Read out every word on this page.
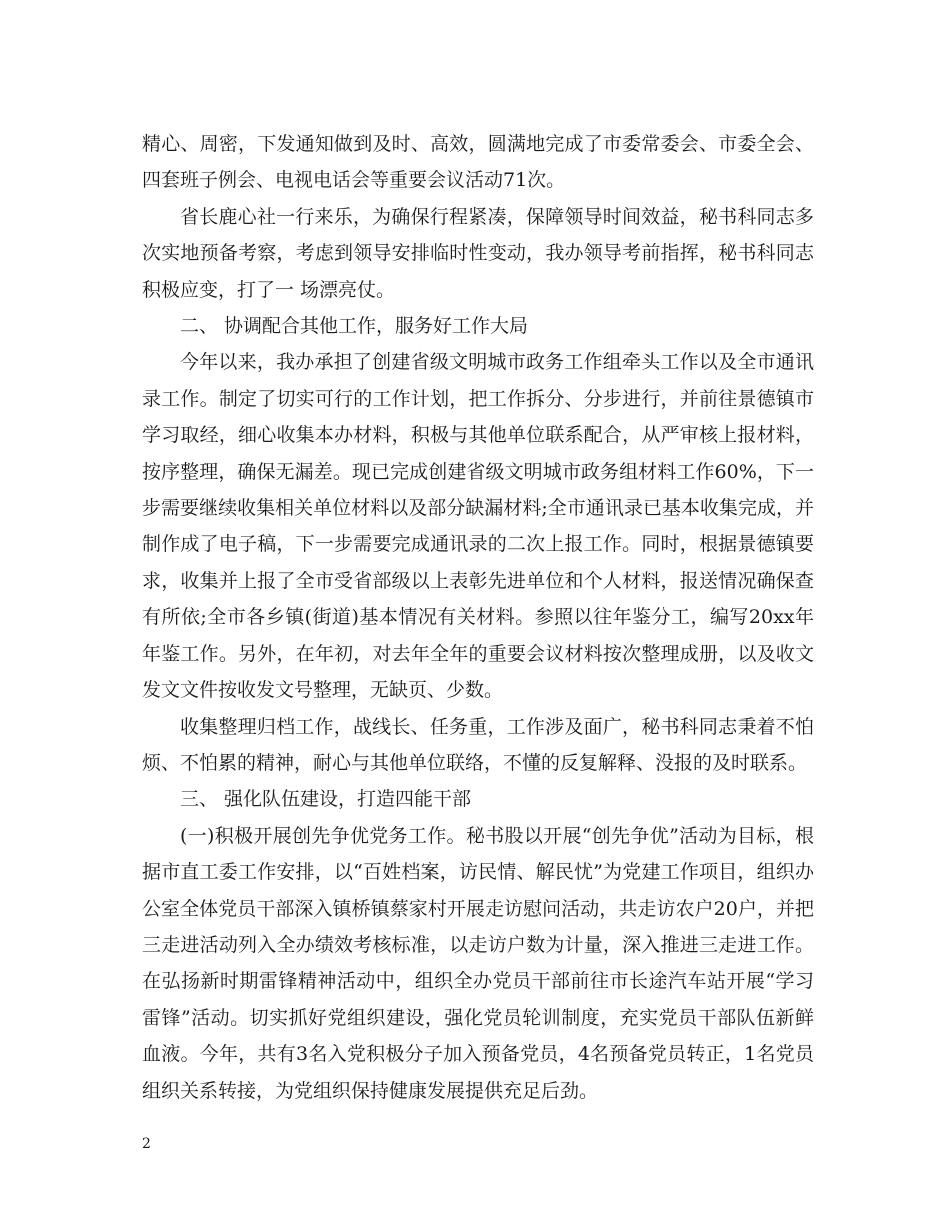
精心、周密，下发通知做到及时、高效，圆满地完成了市委常委会、市委全会、四套班子例会、电视电话会等重要会议活动71次。

省长鹿心社一行来乐，为确保行程紧凑，保障领导时间效益，秘书科同志多次实地预备考察，考虑到领导安排临时性变动，我办领导考前指挥，秘书科同志积极应变，打了一 场漂亮仗。

二、 协调配合其他工作，服务好工作大局

今年以来，我办承担了创建省级文明城市政务工作组牵头工作以及全市通讯录工作。制定了切实可行的工作计划，把工作拆分、分步进行，并前往景德镇市学习取经，细心收集本办材料，积极与其他单位联系配合，从严审核上报材料，按序整理，确保无漏差。现已完成创建省级文明城市政务组材料工作60%，下一步需要继续收集相关单位材料以及部分缺漏材料;全市通讯录已基本收集完成，并制作成了电子稿，下一步需要完成通讯录的二次上报工作。同时，根据景德镇要求，收集并上报了全市受省部级以上表彰先进单位和个人材料，报送情况确保查有所依;全市各乡镇(街道)基本情况有关材料。参照以往年鉴分工，编写20xx年年鉴工作。另外，在年初，对去年全年的重要会议材料按次整理成册，以及收文发文文件按收发文号整理，无缺页、少数。

收集整理归档工作，战线长、任务重，工作涉及面广，秘书科同志秉着不怕烦、不怕累的精神，耐心与其他单位联络，不懂的反复解释、没报的及时联系。

三、 强化队伍建设，打造四能干部

(一)积极开展创先争优党务工作。秘书股以开展“创先争优”活动为目标，根据市直工委工作安排，以“百姓档案，访民情、解民忧”为党建工作项目，组织办公室全体党员干部深入镇桥镇蔡家村开展走访慰问活动，共走访农户20户，并把三走进活动列入全办绩效考核标准，以走访户数为计量，深入推进三走进工作。在弘扬新时期雷锋精神活动中，组织全办党员干部前往市长途汽车站开展“学习雷锋”活动。切实抓好党组织建设，强化党员轮训制度，充实党员干部队伍新鲜血液。今年，共有3名入党积极分子加入预备党员，4名预备党员转正，1名党员组织关系转接，为党组织保持健康发展提供充足后劲。

2
